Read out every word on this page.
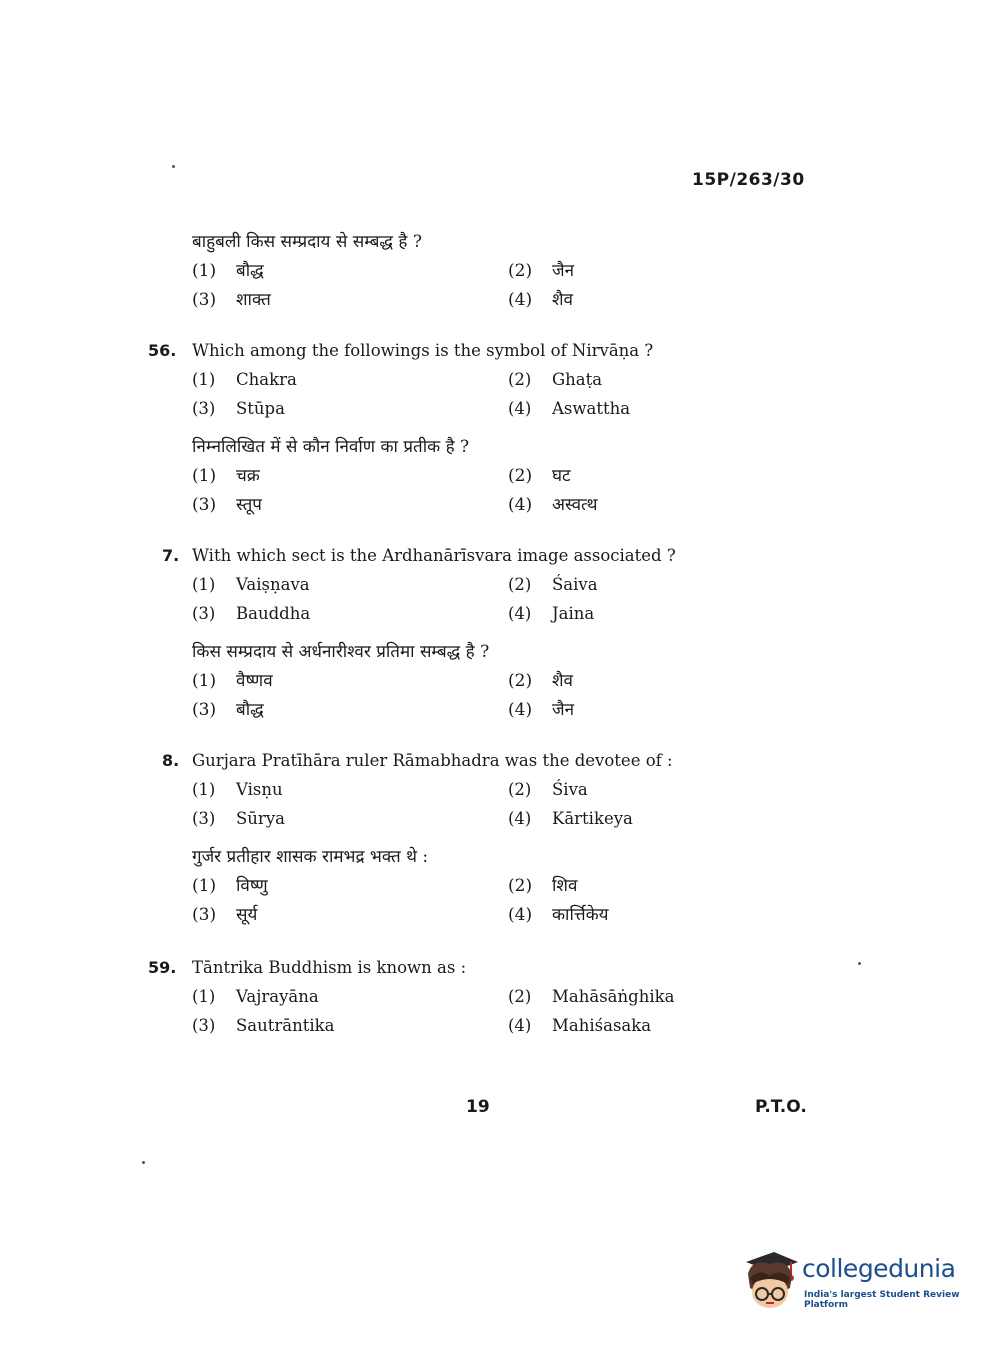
15P/263/30
बाहुबली किस सम्प्रदाय से सम्बद्ध है ?
(1) बौद्ध	(2) जैन
(3) शाक्त	(4) शैव
56. Which among the followings is the symbol of Nirvāṇa ?
(1) Chakra	(2) Ghaṭa
(3) Stūpa	(4) Aswattha
निम्नलिखित में से कौन निर्वाण का प्रतीक है ?
(1) चक्र	(2) घट
(3) स्तूप	(4) अस्वत्थ
7. With which sect is the Ardhanārīsvara image associated ?
(1) Vaiṣṇava	(2) Śaiva
(3) Bauddha	(4) Jaina
किस सम्प्रदाय से अर्धनारीश्वर प्रतिमा सम्बद्ध है ?
(1) वैष्णव	(2) शैव
(3) बौद्ध	(4) जैन
8. Gurjara Pratīhāra ruler Rāmabhadra was the devotee of :
(1) Visṇu	(2) Śiva
(3) Sūrya	(4) Kārtikeya
गुर्जर प्रतीहार शासक रामभद्र भक्त थे :
(1) विष्णु	(2) शिव
(3) सूर्य	(4) कार्त्तिकेय
59. Tāntrika Buddhism is known as :
(1) Vajrayāna	(2) Mahāsāṅghika
(3) Sautrāntika	(4) Mahiśasaka
19	P.T.O.
collegedunia
India's largest Student Review Platform
